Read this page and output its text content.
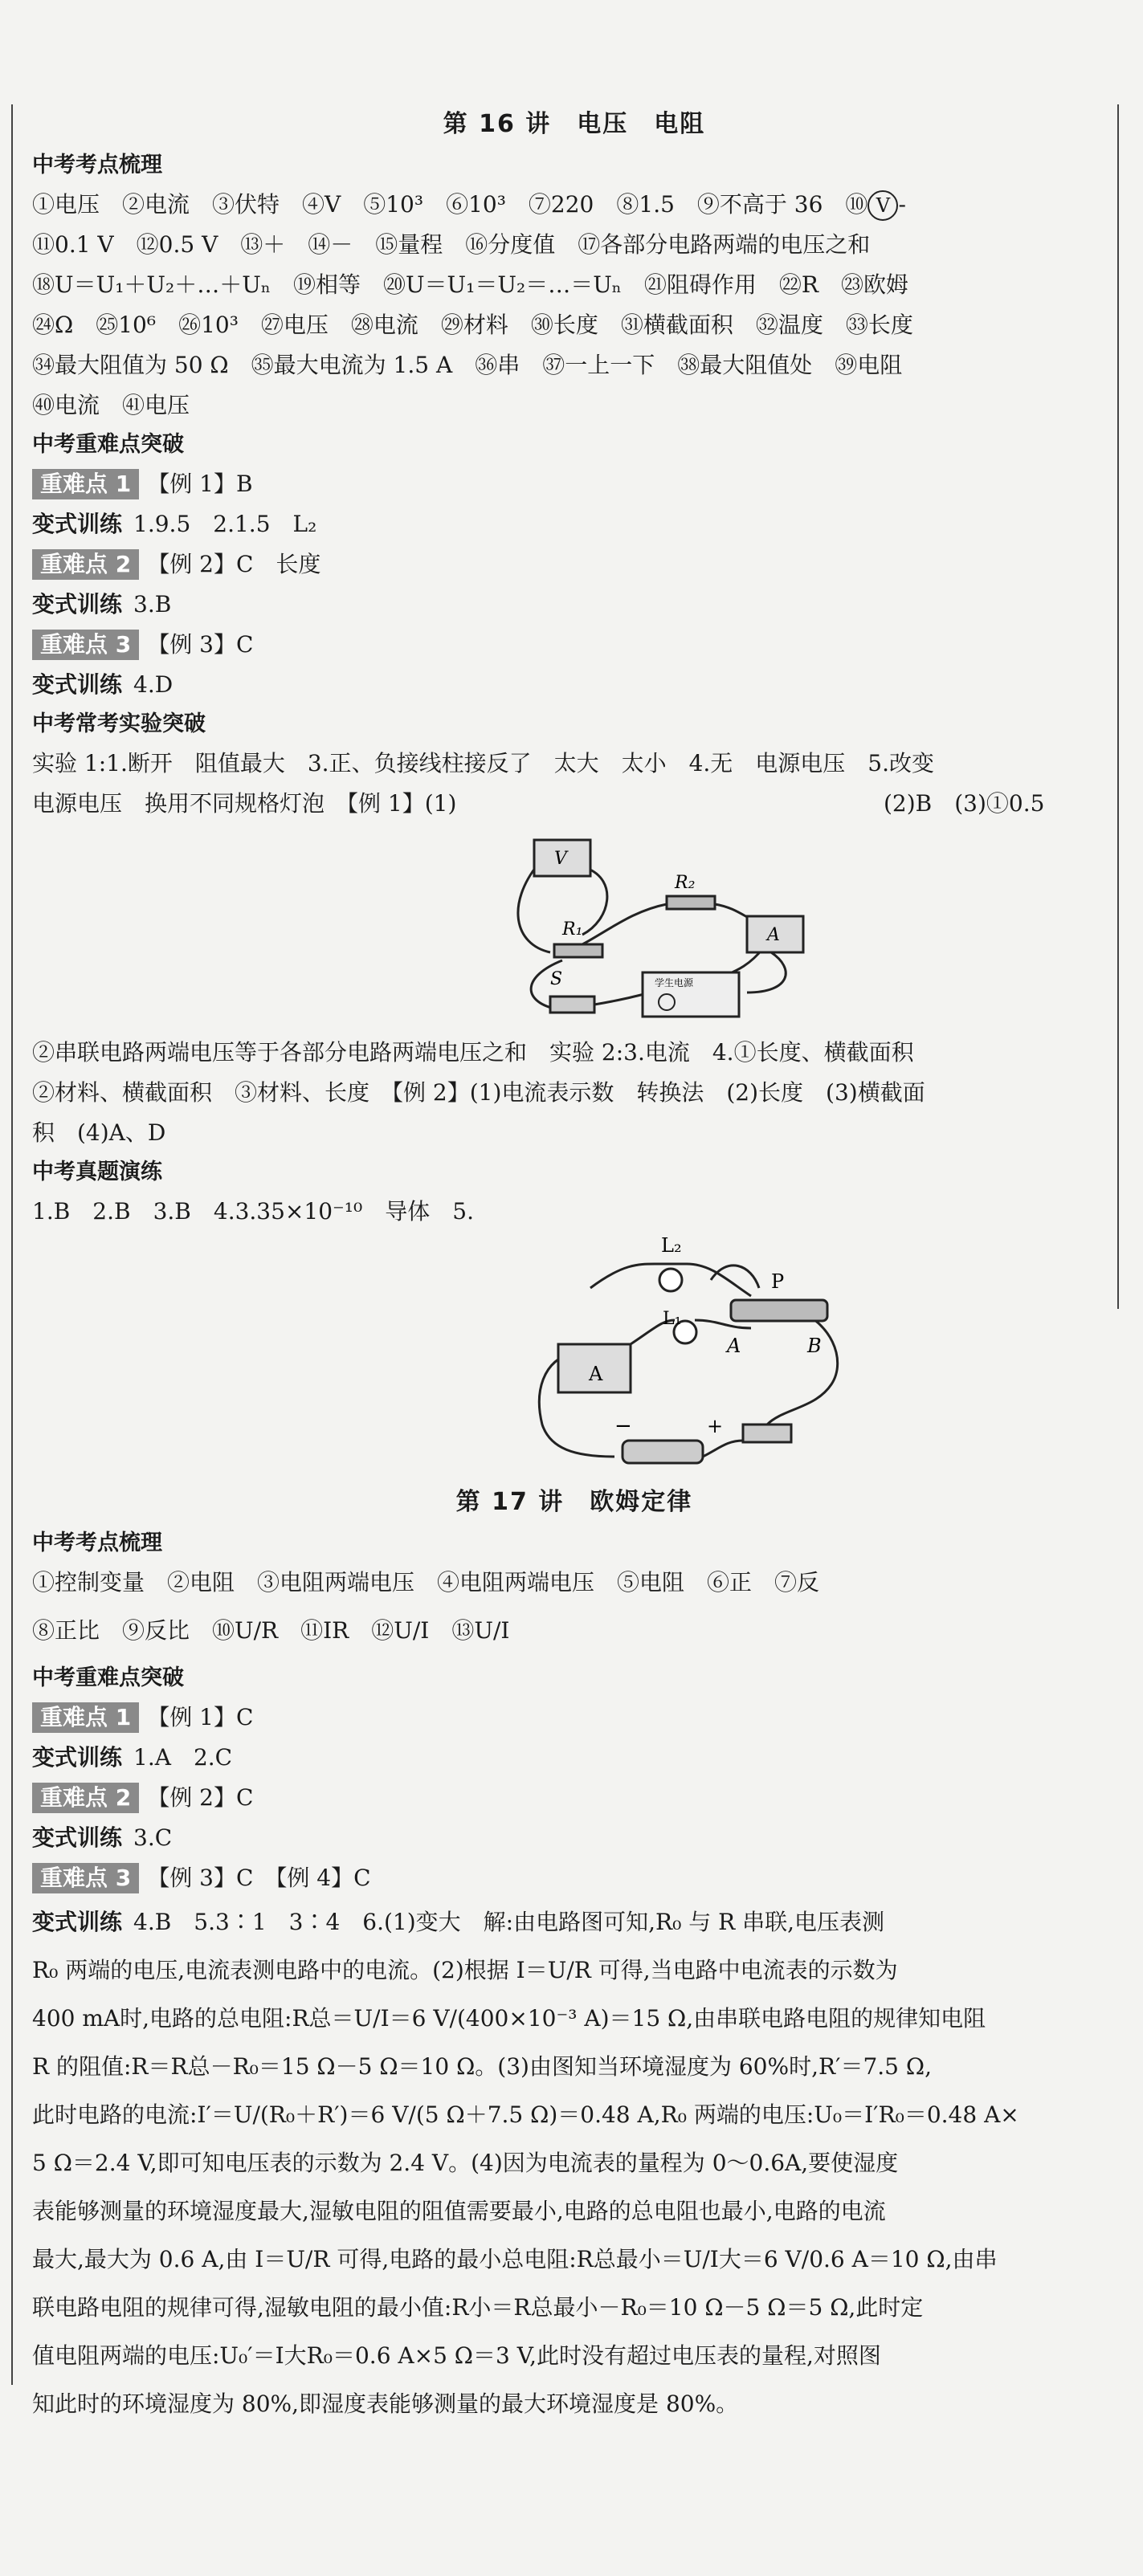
第 16 讲　电压　电阻
中考考点梳理
①电压　②电流　③伏特　④V　⑤10³　⑥10³　⑦220　⑧1.5　⑨不高于 36　⑩ V -
⑪0.1 V　⑫0.5 V　⑬＋　⑭－　⑮量程　⑯分度值　⑰各部分电路两端的电压之和
⑱U＝U₁＋U₂＋…＋Uₙ　⑲相等　⑳U＝U₁＝U₂＝…＝Uₙ　㉑阻碍作用　㉒R　㉓欧姆
㉔Ω　㉕10⁶　㉖10³　㉗电压　㉘电流　㉙材料　㉚长度　㉛横截面积　㉜温度　㉝长度
㉞最大阻值为 50 Ω　㉟最大电流为 1.5 A　㊱串　㊲一上一下　㊳最大阻值处　㊴电阻
㊵电流　㊶电压
中考重难点突破
重难点 1 【例 1】B
变式训练 1.9.5　2.1.5　L₂
重难点 2 【例 2】C　长度
变式训练 3.B
重难点 3 【例 3】C
变式训练 4.D
中考常考实验突破
实验 1:1.断开　阻值最大　3.正、负接线柱接反了　太大　太小　4.无　电源电压　5.改变
电源电压　换用不同规格灯泡　【例 1】(1)	(2)B　(3)①0.5
V
R₂
R₁	A
S	学生电源
②串联电路两端电压等于各部分电路两端电压之和　实验 2:3.电流　4.①长度、横截面积
②材料、横截面积　③材料、长度　【例 2】(1)电流表示数　转换法　(2)长度　(3)横截面
积　(4)A、D
中考真题演练
1.B　2.B　3.B　4.3.35×10⁻¹⁰　导体　5.
L₂
P
L₁
A	B
A
−	+
第 17 讲　欧姆定律
中考考点梳理
①控制变量　②电阻　③电阻两端电压　④电阻两端电压　⑤电阻　⑥正　⑦反
⑧正比　⑨反比　⑩U/R　⑪IR　⑫U/I　⑬U/I
中考重难点突破
重难点 1 【例 1】C
变式训练 1.A　2.C
重难点 2 【例 2】C
变式训练 3.C
重难点 3 【例 3】C　【例 4】C
变式训练 4.B　5.3∶1　3∶4　6.(1)变大　解:由电路图可知,R₀ 与 R 串联,电压表测
R₀ 两端的电压,电流表测电路中的电流。(2)根据 I＝U/R 可得,当电路中电流表的示数为
400 mA时,电路的总电阻:R总＝U/I＝6 V/(400×10⁻³ A)＝15 Ω,由串联电路电阻的规律知电阻
R 的阻值:R＝R总－R₀＝15 Ω－5 Ω＝10 Ω。(3)由图知当环境湿度为 60%时,R′＝7.5 Ω,
此时电路的电流:I′＝U/(R₀＋R′)＝6 V/(5 Ω＋7.5 Ω)＝0.48 A,R₀ 两端的电压:U₀＝I′R₀＝0.48 A×
5 Ω＝2.4 V,即可知电压表的示数为 2.4 V。(4)因为电流表的量程为 0～0.6A,要使湿度
表能够测量的环境湿度最大,湿敏电阻的阻值需要最小,电路的总电阻也最小,电路的电流
最大,最大为 0.6 A,由 I＝U/R 可得,电路的最小总电阻:R总最小＝U/I大＝6 V/0.6 A＝10 Ω,由串
联电路电阻的规律可得,湿敏电阻的最小值:R小＝R总最小－R₀＝10 Ω－5 Ω＝5 Ω,此时定
值电阻两端的电压:U₀′＝I大R₀＝0.6 A×5 Ω＝3 V,此时没有超过电压表的量程,对照图
知此时的环境湿度为 80%,即湿度表能够测量的最大环境湿度是 80%。
